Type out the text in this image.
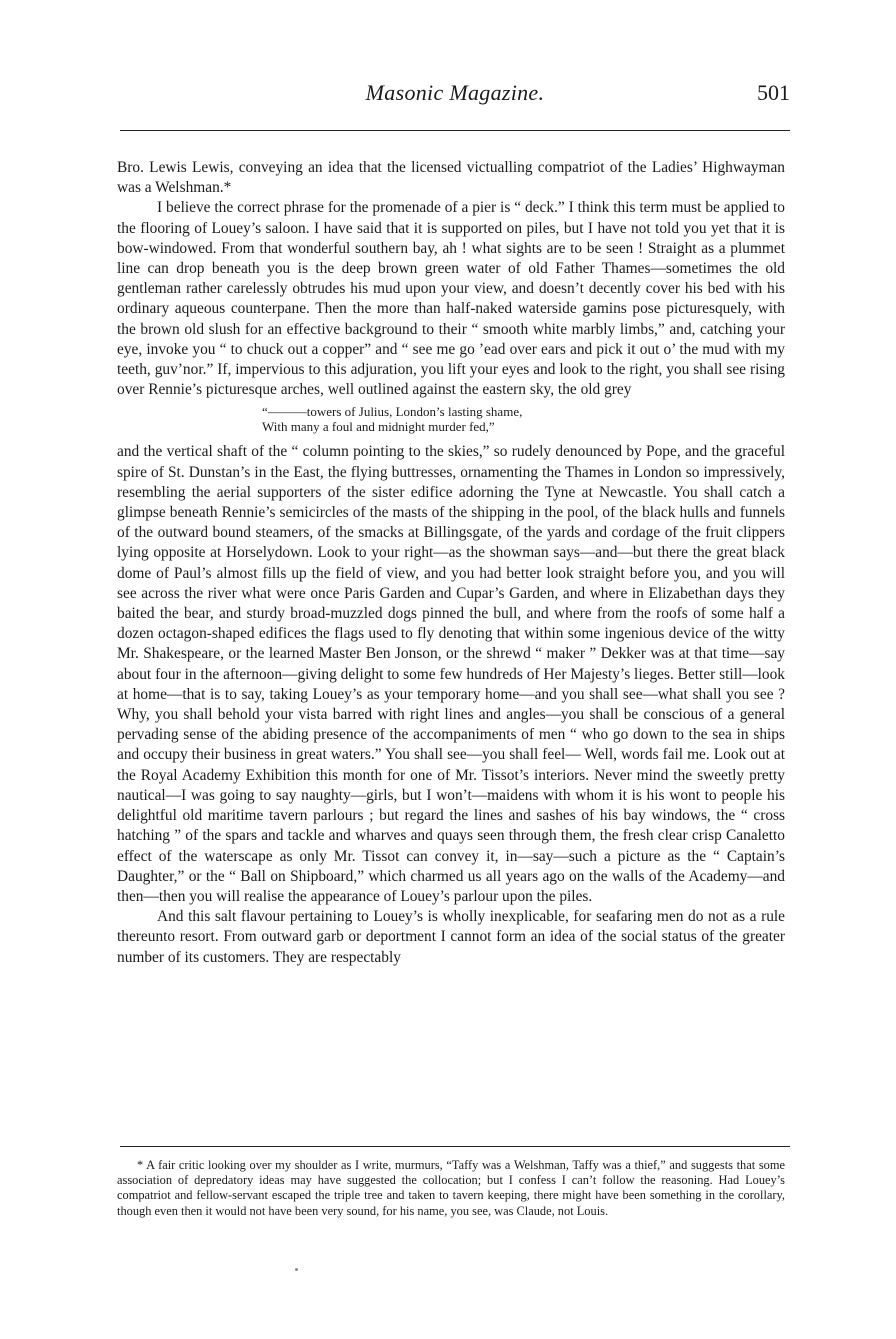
Masonic Magazine.	501

Bro. Lewis Lewis, conveying an idea that the licensed victualling compatriot of the Ladies’ Highwayman was a Welshman.*

I believe the correct phrase for the promenade of a pier is “ deck.” I think this term must be applied to the flooring of Louey’s saloon. I have said that it is supported on piles, but I have not told you yet that it is bow-windowed. From that wonderful southern bay, ah ! what sights are to be seen ! Straight as a plummet line can drop beneath you is the deep brown green water of old Father Thames—sometimes the old gentleman rather carelessly obtrudes his mud upon your view, and doesn’t decently cover his bed with his ordinary aqueous counterpane. Then the more than half-naked waterside gamins pose picturesquely, with the brown old slush for an effective background to their “ smooth white marbly limbs,” and, catching your eye, invoke you “ to chuck out a copper” and “ see me go ’ead over ears and pick it out o’ the mud with my teeth, guv’nor.” If, impervious to this adjuration, you lift your eyes and look to the right, you shall see rising over Rennie’s picturesque arches, well outlined against the eastern sky, the old grey

“———towers of Julius, London’s lasting shame,
With many a foul and midnight murder fed,”

and the vertical shaft of the “ column pointing to the skies,” so rudely denounced by Pope, and the graceful spire of St. Dunstan’s in the East, the flying buttresses, ornamenting the Thames in London so impressively, resembling the aerial supporters of the sister edifice adorning the Tyne at Newcastle. You shall catch a glimpse beneath Rennie’s semicircles of the masts of the shipping in the pool, of the black hulls and funnels of the outward bound steamers, of the smacks at Billingsgate, of the yards and cordage of the fruit clippers lying opposite at Horselydown. Look to your right—as the showman says—and—but there the great black dome of Paul’s almost fills up the field of view, and you had better look straight before you, and you will see across the river what were once Paris Garden and Cupar’s Garden, and where in Elizabethan days they baited the bear, and sturdy broad-muzzled dogs pinned the bull, and where from the roofs of some half a dozen octagon-shaped edifices the flags used to fly denoting that within some ingenious device of the witty Mr. Shakespeare, or the learned Master Ben Jonson, or the shrewd “ maker ” Dekker was at that time—say about four in the afternoon—giving delight to some few hundreds of Her Majesty’s lieges. Better still—look at home—that is to say, taking Louey’s as your temporary home—and you shall see—what shall you see ? Why, you shall behold your vista barred with right lines and angles—you shall be conscious of a general pervading sense of the abiding presence of the accompaniments of men “ who go down to the sea in ships and occupy their business in great waters.” You shall see—you shall feel— Well, words fail me. Look out at the Royal Academy Exhibition this month for one of Mr. Tissot’s interiors. Never mind the sweetly pretty nautical—I was going to say naughty—girls, but I won’t—maidens with whom it is his wont to people his delightful old maritime tavern parlours ; but regard the lines and sashes of his bay windows, the “ cross hatching ” of the spars and tackle and wharves and quays seen through them, the fresh clear crisp Canaletto effect of the waterscape as only Mr. Tissot can convey it, in—say—such a picture as the “ Captain’s Daughter,” or the “ Ball on Shipboard,” which charmed us all years ago on the walls of the Academy—and then—then you will realise the appearance of Louey’s parlour upon the piles.

And this salt flavour pertaining to Louey’s is wholly inexplicable, for seafaring men do not as a rule thereunto resort. From outward garb or deportment I cannot form an idea of the social status of the greater number of its customers. They are respectably

* A fair critic looking over my shoulder as I write, murmurs, “Taffy was a Welshman, Taffy was a thief,” and suggests that some association of depredatory ideas may have suggested the collocation; but I confess I can’t follow the reasoning. Had Louey’s compatriot and fellow-servant escaped the triple tree and taken to tavern keeping, there might have been something in the corollary, though even then it would not have been very sound, for his name, you see, was Claude, not Louis.
